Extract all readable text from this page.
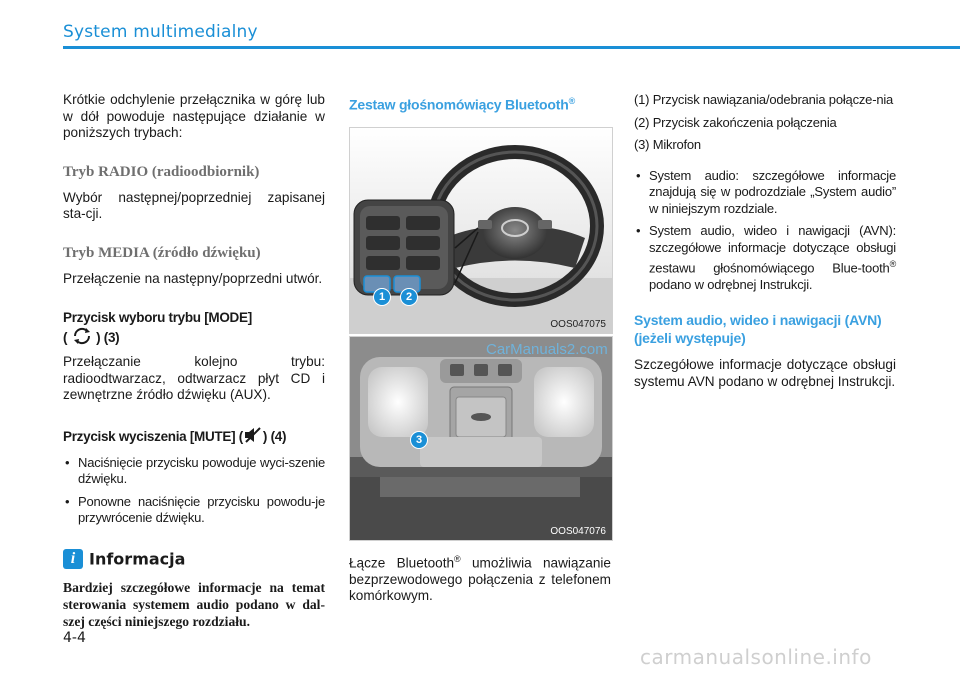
System multimedialny

Krótkie odchylenie przełącznika w górę lub w dół powoduje następujące działanie w poniższych trybach:

Tryb RADIO (radioodbiornik)

Wybór następnej/poprzedniej zapisanej sta-cji.

Tryb MEDIA (źródło dźwięku)

Przełączenie na następny/poprzedni utwór.

Przycisk wyboru trybu [MODE]
( ) (3)

Przełączanie kolejno trybu: radioodtwarzacz, odtwarzacz płyt CD i zewnętrzne źródło dźwięku (AUX).

Przycisk wyciszenia [MUTE] ( ) (4)
• Naciśnięcie przycisku powoduje wyci-szenie dźwięku.
• Ponowne naciśnięcie przycisku powodu-je przywrócenie dźwięku.
i Informacja
Bardziej szczegółowe informacje na temat sterowania systemem audio podano w dal-szej części niniejszego rozdziału.
Zestaw głośnomówiący Bluetooth®
1	2
OOS047075
3
OOS047076

Łącze Bluetooth® umożliwia nawiązanie bezprzewodowego połączenia z telefonem komórkowym.

(1) Przycisk nawiązania/odebrania połącze-nia
(2) Przycisk zakończenia połączenia
(3) Mikrofon
• System audio: szczegółowe informacje znajdują się w podrozdziale „System audio” w niniejszym rozdziale.
• System audio, wideo i nawigacji (AVN): szczegółowe informacje dotyczące obsługi zestawu głośnomówiącego Blue-tooth® podano w odrębnej Instrukcji.
System audio, wideo i nawigacji (AVN) (jeżeli występuje)

Szczegółowe informacje dotyczące obsługi systemu AVN podano w odrębnej Instrukcji.

4-4
CarManuals2.com
carmanualsonline.info
